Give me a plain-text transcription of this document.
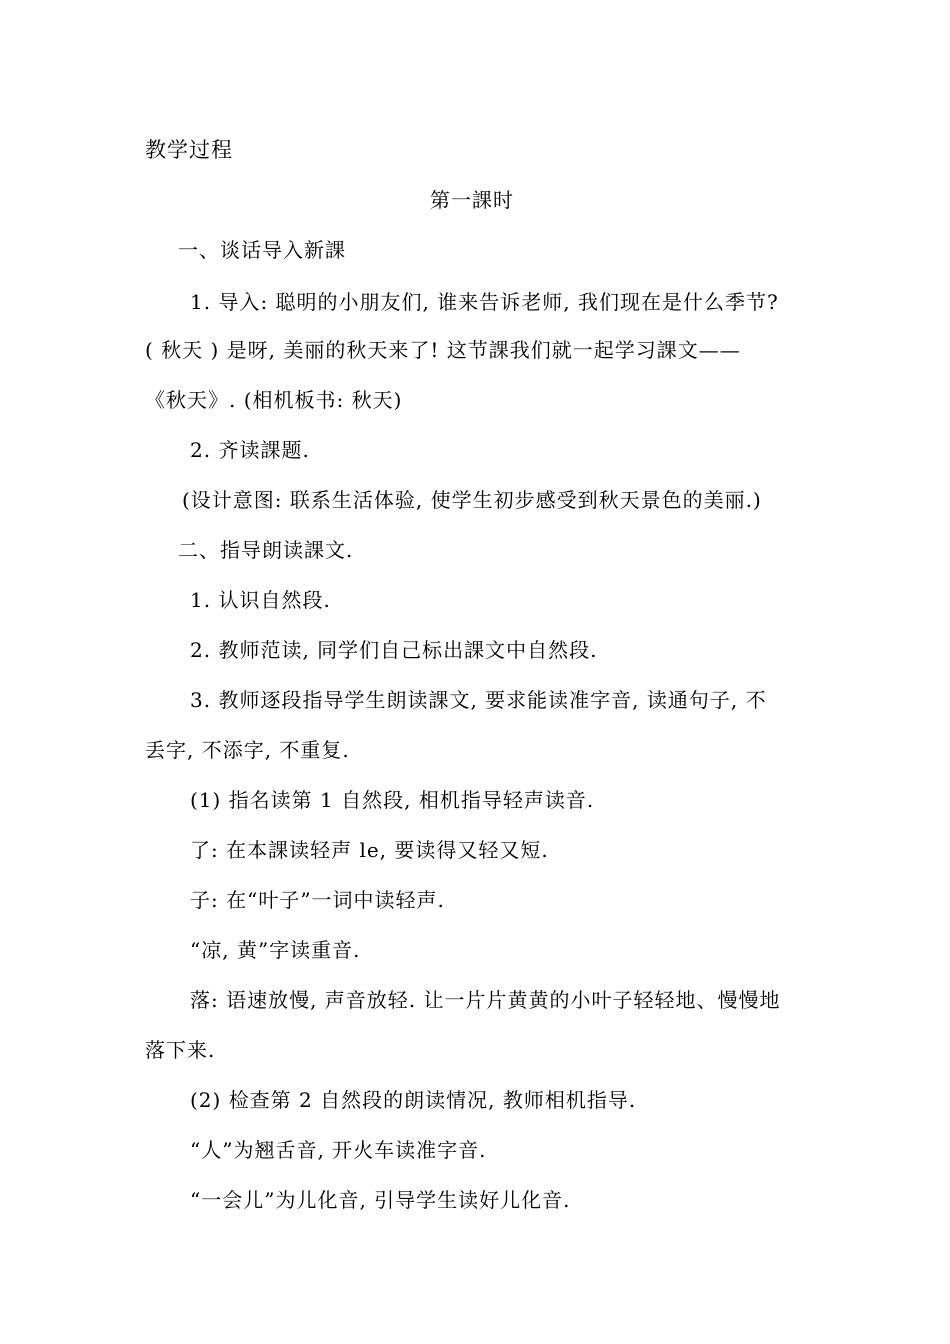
教学过程
第一課时
一、谈话导入新課
1. 导入: 聪明的小朋友们, 谁来告诉老师, 我们现在是什么季节?
( 秋天 ) 是呀, 美丽的秋天来了! 这节課我们就一起学习課文——
《秋天》. (相机板书: 秋天)
2. 齐读課题.
(设计意图: 联系生活体验, 使学生初步感受到秋天景色的美丽.)
二、指导朗读課文.
1. 认识自然段.
2. 教师范读, 同学们自己标出課文中自然段.
3. 教师逐段指导学生朗读課文, 要求能读准字音, 读通句子, 不
丢字, 不添字, 不重复.
(1) 指名读第 1 自然段, 相机指导轻声读音.
了: 在本課读轻声 le, 要读得又轻又短.
子: 在“叶子”一词中读轻声.
“凉, 黄”字读重音.
落: 语速放慢, 声音放轻. 让一片片黄黄的小叶子轻轻地、慢慢地
落下来.
(2) 检查第 2 自然段的朗读情况, 教师相机指导.
“人”为翘舌音, 开火车读准字音.
“一会儿”为儿化音, 引导学生读好儿化音.
